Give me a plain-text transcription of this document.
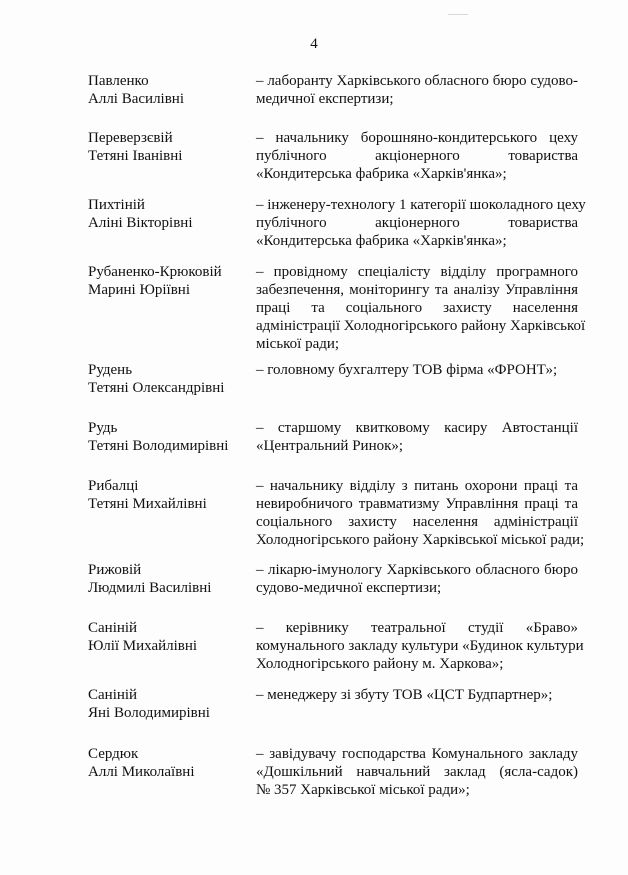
4
Павленко
Аллі Василівні
– лаборанту Харківського обласного бюро судово-
медичної експертизи;
Переверзєвій
Тетяні Іванівні
– начальнику борошняно-кондитерського цеху
публічного акціонерного товариства
«Кондитерська фабрика «Харків'янка»;
Пихтіній
Аліні Вікторівні
– інженеру-технологу 1 категорії шоколадного цеху
публічного акціонерного товариства
«Кондитерська фабрика «Харків'янка»;
Рубаненко-Крюковій
Марині Юріївні
– провідному спеціалісту відділу програмного
забезпечення, моніторингу та аналізу Управління
праці та соціального захисту населення
адміністрації Холодногірського району Харківської
міської ради;
Рудень
Тетяні Олександрівні
– головному бухгалтеру ТОВ фірма «ФРОНТ»;
Рудь
Тетяні Володимирівні
– старшому квитковому касиру Автостанції
«Центральний Ринок»;
Рибалці
Тетяні Михайлівні
– начальнику відділу з питань охорони праці та
невиробничого травматизму Управління праці та
соціального захисту населення адміністрації
Холодногірського району Харківської міської ради;
Рижовій
Людмилі Василівні
– лікарю-імунологу Харківського обласного бюро
судово-медичної експертизи;
Саніній
Юлії Михайлівні
– керівнику театральної студії «Браво»
комунального закладу культури «Будинок культури
Холодногірського району м. Харкова»;
Саніній
Яні Володимирівні
– менеджеру зі збуту ТОВ «ЦСТ Будпартнер»;
Сердюк
Аллі Миколаївні
– завідувачу господарства Комунального закладу
«Дошкільний навчальний заклад (ясла-садок)
№ 357 Харківської міської ради»;
